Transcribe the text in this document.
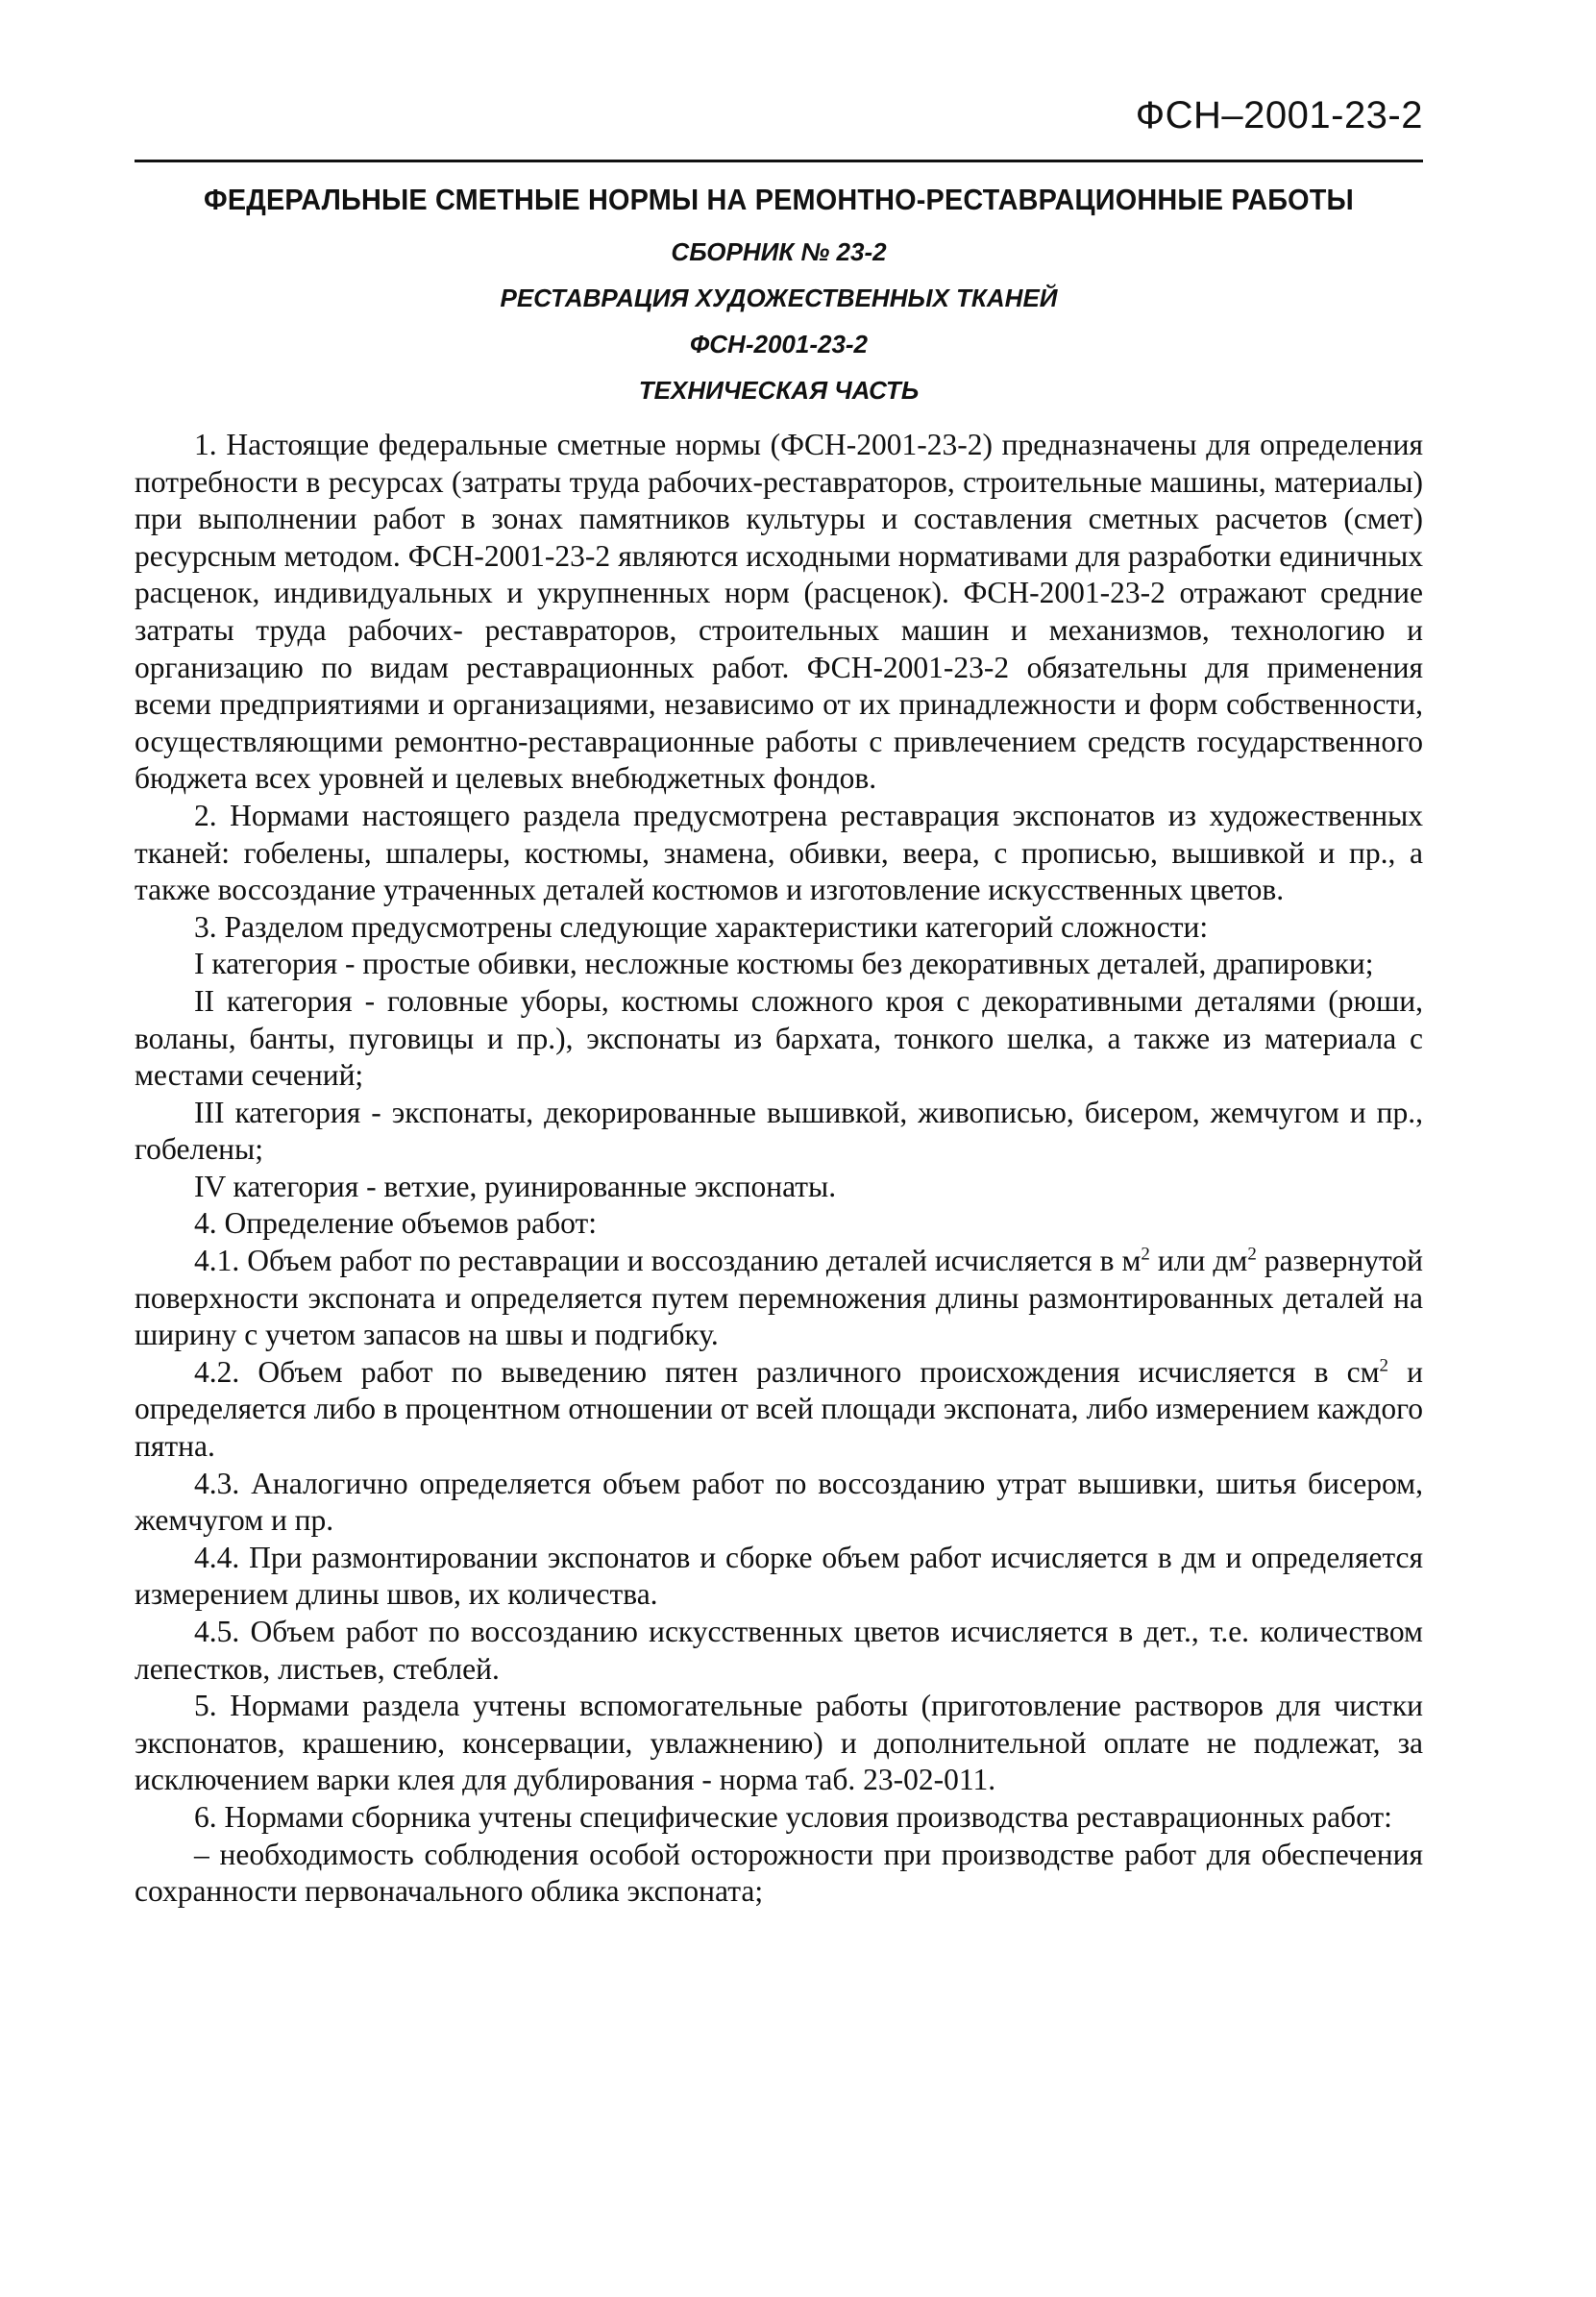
ФСН–2001-23-2
ФЕДЕРАЛЬНЫЕ СМЕТНЫЕ НОРМЫ НА РЕМОНТНО-РЕСТАВРАЦИОННЫЕ РАБОТЫ
СБОРНИК № 23-2
РЕСТАВРАЦИЯ ХУДОЖЕСТВЕННЫХ ТКАНЕЙ
ФСН-2001-23-2
ТЕХНИЧЕСКАЯ ЧАСТЬ

1. Настоящие федеральные сметные нормы (ФСН-2001-23-2) предназначены для определения потребности в ресурсах (затраты труда рабочих-реставраторов, строительные машины, материалы) при выполнении работ в зонах памятников культуры и составления сметных расчетов (смет) ресурсным методом. ФСН-2001-23-2 являются исходными нормативами для разработки единичных расценок, индивидуальных и укрупненных норм (расценок). ФСН-2001-23-2 отражают средние затраты труда рабочих- реставраторов, строительных машин и механизмов, технологию и организацию по видам реставрационных работ. ФСН-2001-23-2 обязательны для применения всеми предприятиями и организациями, независимо от их принадлежности и форм собственности, осуществляющими ремонтно-реставрационные работы с привлечением средств государственного бюджета всех уровней и целевых внебюджетных фондов.

2. Нормами настоящего раздела предусмотрена реставрация экспонатов из художественных тканей: гобелены, шпалеры, костюмы, знамена, обивки, веера, с прописью, вышивкой и пр., а также воссоздание утраченных деталей костюмов и изготовление искусственных цветов.

3. Разделом предусмотрены следующие характеристики категорий сложности:

I категория - простые обивки, несложные костюмы без декоративных деталей, драпировки;

II категория - головные уборы, костюмы сложного кроя с декоративными деталями (рюши, воланы, банты, пуговицы и пр.), экспонаты из бархата, тонкого шелка, а также из материала с местами сечений;

III категория - экспонаты, декорированные вышивкой, живописью, бисером, жемчугом и пр., гобелены;

IV категория - ветхие, руинированные экспонаты.

4. Определение объемов работ:

4.1. Объем работ по реставрации и воссозданию деталей исчисляется в $м^2$ или $дм^2$ развернутой поверхности экспоната и определяется путем перемножения длины размонтированных деталей на ширину с учетом запасов на швы и подгибку.

4.2. Объем работ по выведению пятен различного происхождения исчисляется в $см^2$ и определяется либо в процентном отношении от всей площади экспоната, либо измерением каждого пятна.

4.3. Аналогично определяется объем работ по воссозданию утрат вышивки, шитья бисером, жемчугом и пр.

4.4. При размонтировании экспонатов и сборке объем работ исчисляется в дм и определяется измерением длины швов, их количества.

4.5. Объем работ по воссозданию искусственных цветов исчисляется в дет., т.е. количеством лепестков, листьев, стеблей.

5. Нормами раздела учтены вспомогательные работы (приготовление растворов для чистки экспонатов, крашению, консервации, увлажнению) и дополнительной оплате не подлежат, за исключением варки клея для дублирования - норма таб. 23-02-011.

6. Нормами сборника учтены специфические условия производства реставрационных работ:

– необходимость соблюдения особой осторожности при производстве работ для обеспечения сохранности первоначального облика экспоната;
